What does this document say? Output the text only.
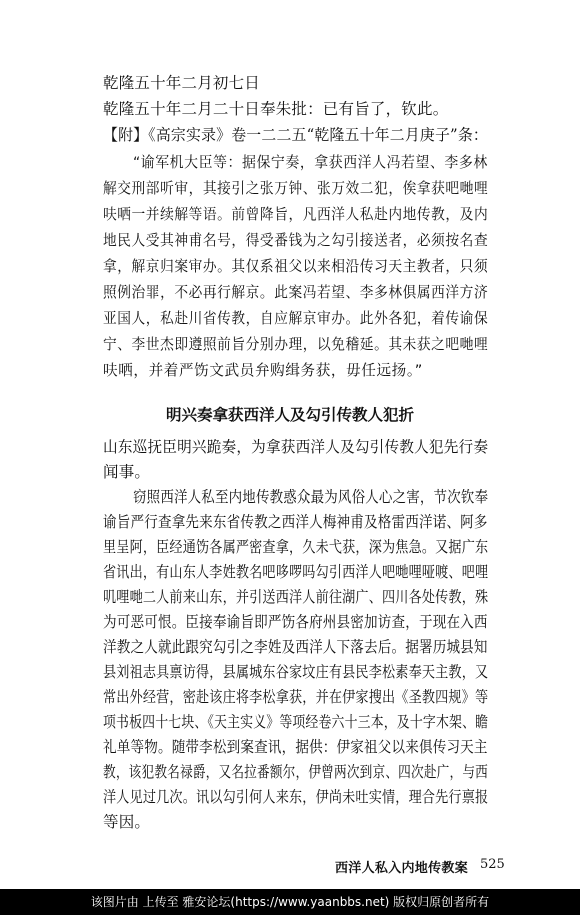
乾隆五十年二月初七日
乾隆五十年二月二十日奉朱批：已有旨了，钦此。
【附】《高宗实录》卷一二二五“乾隆五十年二月庚子”条：
“谕军机大臣等：据保宁奏，拿获西洋人冯若望、李多林
解交刑部听审，其接引之张万钟、张万效二犯，俟拿获吧哋哩
呋哂一并续解等语。前曾降旨，凡西洋人私赴内地传教，及内
地民人受其神甫名号，得受番钱为之勾引接送者，必须按名查
拿，解京归案审办。其仅系祖父以来相沿传习天主教者，只须
照例治罪，不必再行解京。此案冯若望、李多林俱属西洋方济
亚国人，私赴川省传教，自应解京审办。此外各犯，着传谕保
宁、李世杰即遵照前旨分别办理，以免稽延。其未获之吧哋哩
呋哂，并着严饬文武员弁购缉务获，毋任远扬。”
明兴奏拿获西洋人及勾引传教人犯折
山东巡抚臣明兴跪奏，为拿获西洋人及勾引传教人犯先行奏
闻事。
窃照西洋人私至内地传教惑众最为风俗人心之害，节次钦奉
谕旨严行查拿先来东省传教之西洋人梅神甫及格雷西洋诺、阿多
里呈阿，臣经通饬各属严密查拿，久未弋获，深为焦急。又据广东
省讯出，有山东人李姓教名吧哆啰吗勾引西洋人吧哋哩哑喥、吧哩
叽哩哋二人前来山东，并引送西洋人前往湖广、四川各处传教，殊
为可恶可恨。臣接奉谕旨即严饬各府州县密加访查，于现在入西
洋教之人就此跟究勾引之李姓及西洋人下落去后。据署历城县知
县刘祖志具禀访得，县属城东谷家坟庄有县民李松素奉天主教，又
常出外经营，密赴该庄将李松拿获，并在伊家搜出《圣教四规》等
项书板四十七块、《天主实义》等项经卷六十三本，及十字木架、瞻
礼单等物。随带李松到案查讯，据供：伊家祖父以来俱传习天主
教，该犯教名禄爵，又名拉番额尔，伊曾两次到京、四次赴广，与西
洋人见过几次。讯以勾引何人来东，伊尚未吐实情，理合先行禀报
等因。
西洋人私入内地传教案 525
该图片由 上传至 雅安论坛(https://www.yaanbbs.net) 版权归原创者所有
